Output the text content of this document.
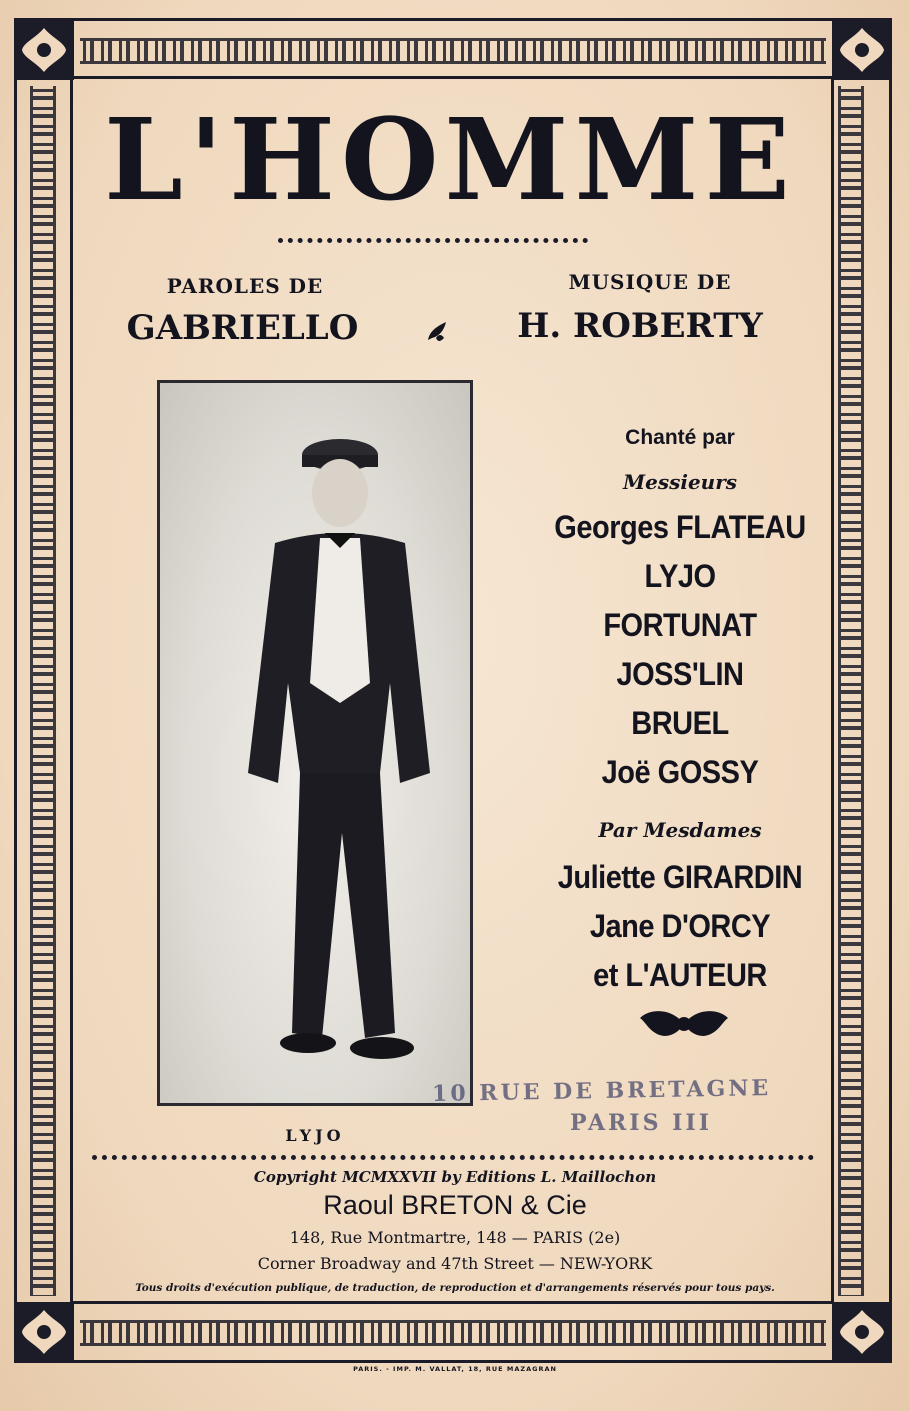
L'HOMME
PAROLES DE
GABRIELLO
MUSIQUE DE
H. ROBERTY
LYJO
Chanté par
Messieurs
Georges FLATEAU
LYJO
FORTUNAT
JOSS'LIN
BRUEL
Joë GOSSY
Par Mesdames
Juliette GIRARDIN
Jane D'ORCY
et L'AUTEUR
10 RUE DE BRETAGNE
PARIS III
Copyright MCMXXVII by Editions L. Maillochon
Raoul BRETON & Cie
148, Rue Montmartre, 148 — PARIS (2e)
Corner Broadway and 47th Street — NEW-YORK
Tous droits d'exécution publique, de traduction, de reproduction et d'arrangements réservés pour tous pays.
PARIS. - IMP. M. VALLAT, 18, RUE MAZAGRAN
